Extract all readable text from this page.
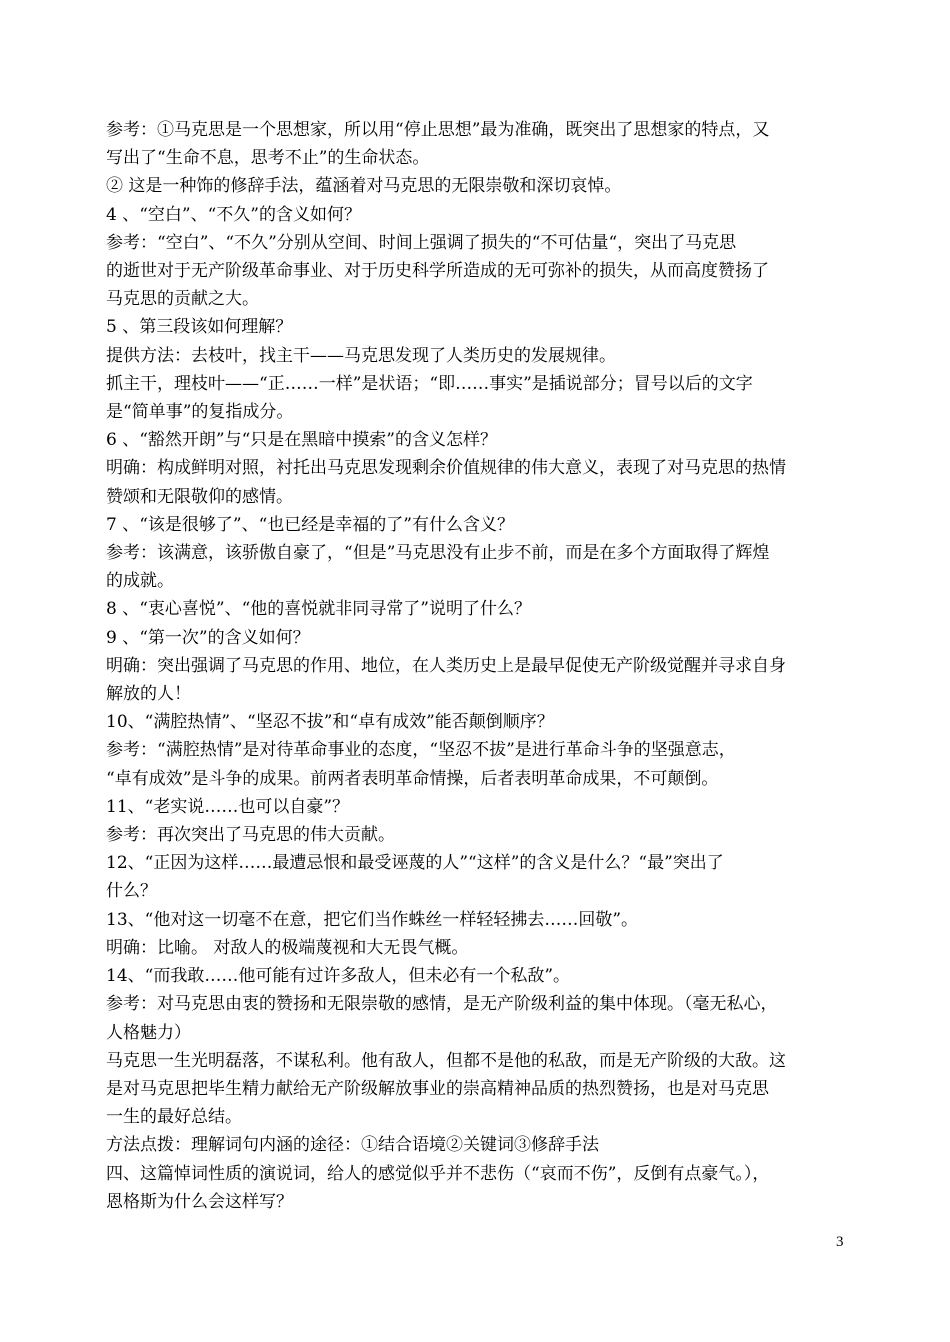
参考：①马克思是一个思想家，所以用“停止思想”最为准确，既突出了思想家的特点，又

写出了“生命不息，思考不止”的生命状态。

② 这是一种饰的修辞手法，蕴涵着对马克思的无限崇敬和深切哀悼。

4 、“空白”、“不久”的含义如何？

参考：“空白”、“不久”分别从空间、时间上强调了损失的“不可估量“，突出了马克思

的逝世对于无产阶级革命事业、对于历史科学所造成的无可弥补的损失，从而高度赞扬了

马克思的贡献之大。

5 、第三段该如何理解？

提供方法：去枝叶，找主干——马克思发现了人类历史的发展规律。

抓主干，理枝叶——“正……一样”是状语；“即……事实”是插说部分；冒号以后的文字

是“简单事”的复指成分。

6 、“豁然开朗”与“只是在黑暗中摸索”的含义怎样？

明确：构成鲜明对照，衬托出马克思发现剩余价值规律的伟大意义，表现了对马克思的热情

赞颂和无限敬仰的感情。

7 、“该是很够了”、“也已经是幸福的了”有什么含义？

参考：该满意，该骄傲自豪了，“但是”马克思没有止步不前，而是在多个方面取得了辉煌

的成就。

8 、“衷心喜悦”、“他的喜悦就非同寻常了”说明了什么？

9 、“第一次”的含义如何？

明确：突出强调了马克思的作用、地位，在人类历史上是最早促使无产阶级觉醒并寻求自身

解放的人！

10、“满腔热情”、“坚忍不拔”和“卓有成效”能否颠倒顺序？

参考：“满腔热情”是对待革命事业的态度，“坚忍不拔”是进行革命斗争的坚强意志，

“卓有成效”是斗争的成果。前两者表明革命情操，后者表明革命成果，不可颠倒。

11、“老实说……也可以自豪”？

参考：再次突出了马克思的伟大贡献。

12、“正因为这样……最遭忌恨和最受诬蔑的人”“这样”的含义是什么？“最”突出了

什么？

13、“他对这一切毫不在意，把它们当作蛛丝一样轻轻拂去……回敬”。

明确：比喻。 对敌人的极端蔑视和大无畏气概。

14、“而我敢……他可能有过许多敌人，但未必有一个私敌”。

参考：对马克思由衷的赞扬和无限崇敬的感情，是无产阶级利益的集中体现。（毫无私心，

人格魅力）

马克思一生光明磊落，不谋私利。他有敌人，但都不是他的私敌，而是无产阶级的大敌。这

是对马克思把毕生精力献给无产阶级解放事业的崇高精神品质的热烈赞扬，也是对马克思

一生的最好总结。

方法点拨：理解词句内涵的途径：①结合语境②关键词③修辞手法

四、这篇悼词性质的演说词，给人的感觉似乎并不悲伤（“哀而不伤”，反倒有点豪气。），

恩格斯为什么会这样写？

3
